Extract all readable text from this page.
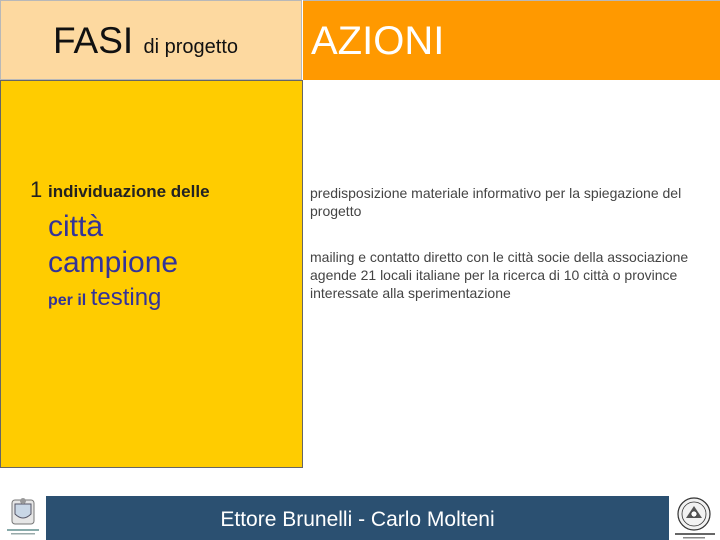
FASI di progetto AZIONI
1 individuazione delle
città
campione
per il testing
predisposizione materiale informativo per la spiegazione del progetto
mailing e contatto diretto con le città socie della associazione agende 21 locali italiane per la ricerca di 10 città o province interessate alla sperimentazione
Ettore Brunelli - Carlo Molteni
